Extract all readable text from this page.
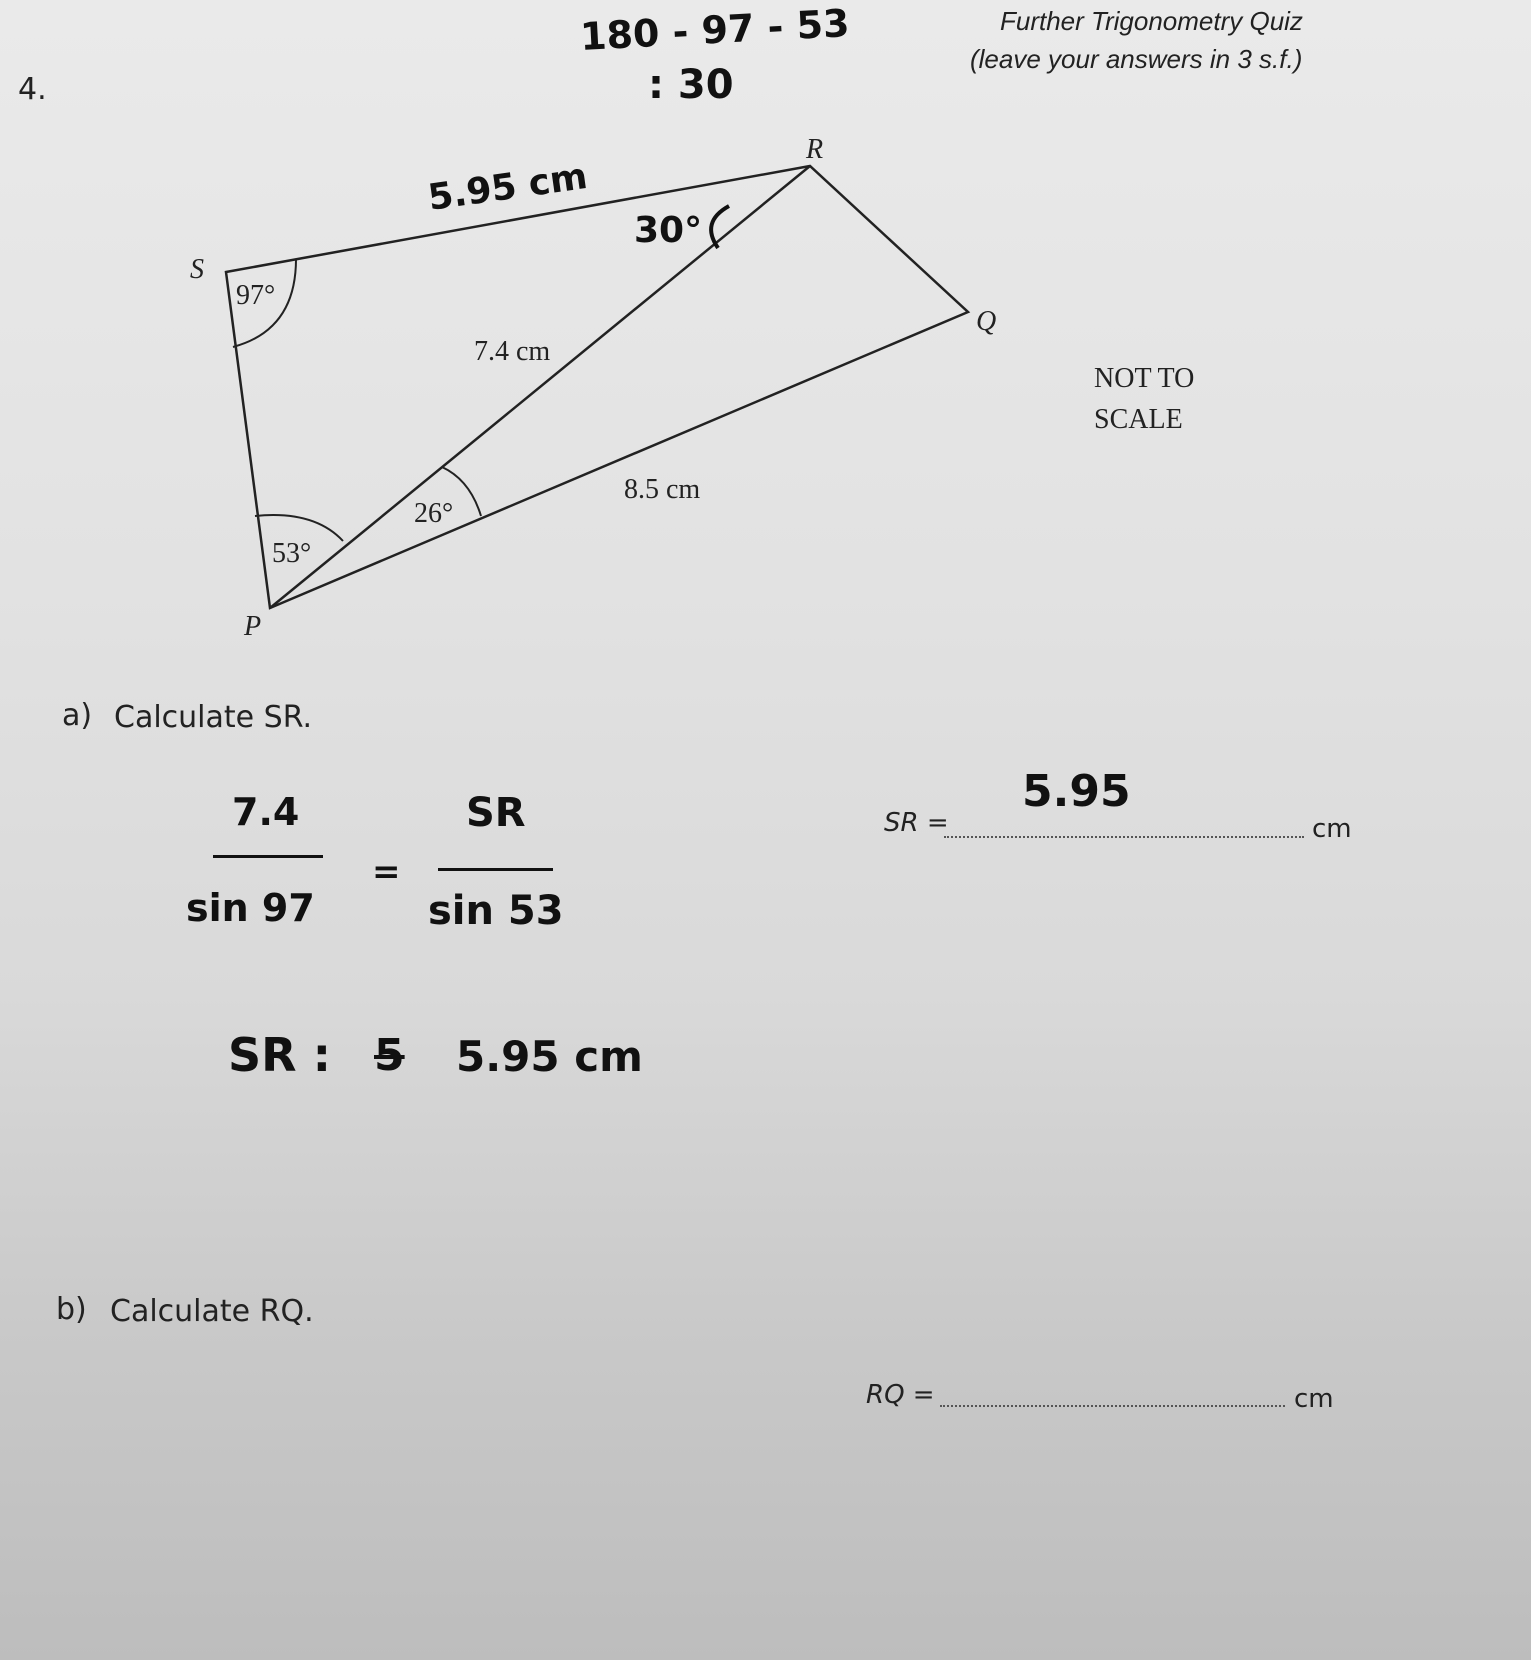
Further Trigonometry Quiz

(leave your answers in 3 s.f.)

4.

180 - 97 - 53

: 30

S
R
Q
P
97°
53°
26°
7.4 cm
8.5 cm
NOT TO
SCALE
30°
5.95 cm

a) Calculate SR.

7.4

sin 97

=

SR

sin 53

SR : 5 5.95 cm

SR =

5.95

cm

b) Calculate RQ.

RQ =	cm
